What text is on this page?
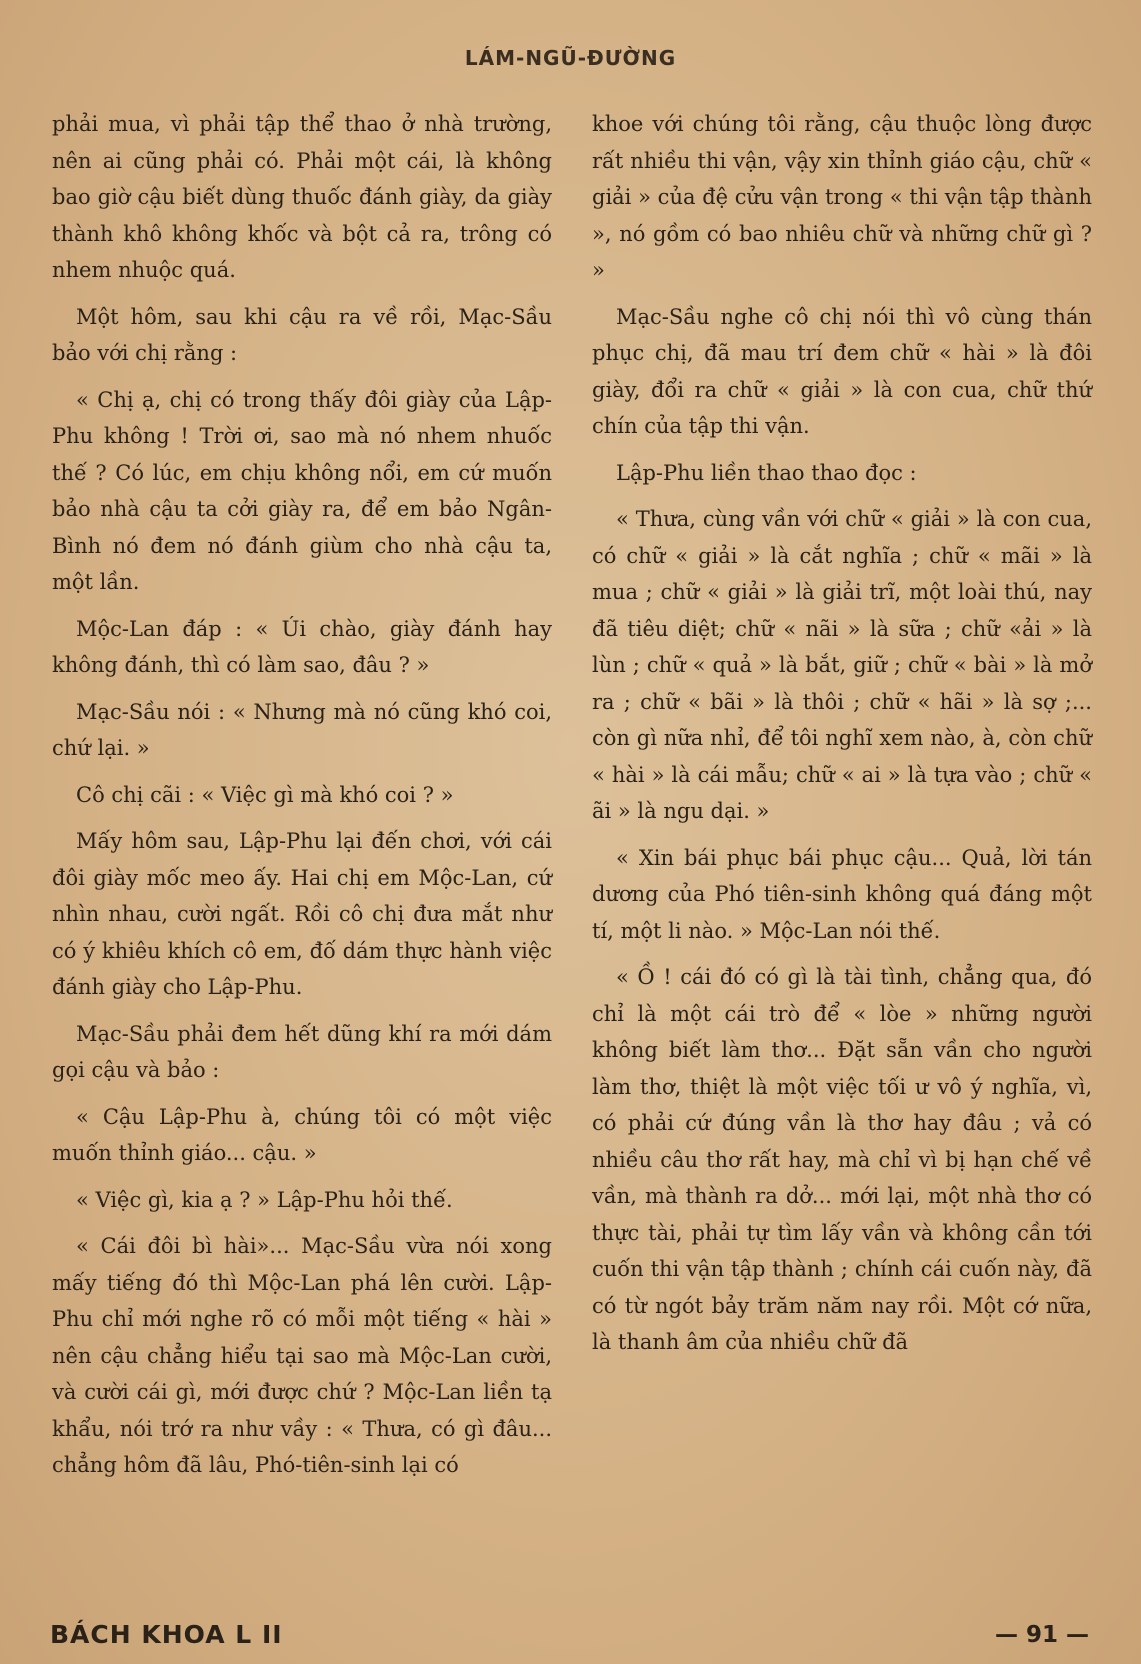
LÁM-NGŨ-ĐƯỜNG

phải mua, vì phải tập thể thao ở nhà trường, nên ai cũng phải có. Phải một cái, là không bao giờ cậu biết dùng thuốc đánh giày, da giày thành khô không khốc và bột cả ra, trông có nhem nhuộc quá.

Một hôm, sau khi cậu ra về rồi, Mạc-Sầu bảo với chị rằng :

« Chị ạ, chị có trong thấy đôi giày của Lập-Phu không ! Trời ơi, sao mà nó nhem nhuốc thế ? Có lúc, em chịu không nổi, em cứ muốn bảo nhà cậu ta cởi giày ra, để em bảo Ngân-Bình nó đem nó đánh giùm cho nhà cậu ta, một lần.

Mộc-Lan đáp : « Úi chào, giày đánh hay không đánh, thì có làm sao, đâu ? »

Mạc-Sầu nói : « Nhưng mà nó cũng khó coi, chứ lại. »

Cô chị cãi : « Việc gì mà khó coi ? »

Mấy hôm sau, Lập-Phu lại đến chơi, với cái đôi giày mốc meo ấy. Hai chị em Mộc-Lan, cứ nhìn nhau, cười ngất. Rồi cô chị đưa mắt như có ý khiêu khích cô em, đố dám thực hành việc đánh giày cho Lập-Phu.

Mạc-Sầu phải đem hết dũng khí ra mới dám gọi cậu và bảo :

« Cậu Lập-Phu à, chúng tôi có một việc muốn thỉnh giáo... cậu. »

« Việc gì, kia ạ ? » Lập-Phu hỏi thế.

« Cái đôi bì hài»... Mạc-Sầu vừa nói xong mấy tiếng đó thì Mộc-Lan phá lên cười. Lập-Phu chỉ mới nghe rõ có mỗi một tiếng « hài » nên cậu chẳng hiểu tại sao mà Mộc-Lan cười, và cười cái gì, mới được chứ ? Mộc-Lan liền tạ khẩu, nói trớ ra như vầy : « Thưa, có gì đâu... chẳng hôm đã lâu, Phó-tiên-sinh lại có

khoe với chúng tôi rằng, cậu thuộc lòng được rất nhiều thi vận, vậy xin thỉnh giáo cậu, chữ « giải » của đệ cửu vận trong « thi vận tập thành », nó gồm có bao nhiêu chữ và những chữ gì ? »

Mạc-Sầu nghe cô chị nói thì vô cùng thán phục chị, đã mau trí đem chữ « hài » là đôi giày, đổi ra chữ « giải » là con cua, chữ thứ chín của tập thi vận.

Lập-Phu liền thao thao đọc :

« Thưa, cùng vần với chữ « giải » là con cua, có chữ « giải » là cắt nghĩa ; chữ « mãi » là mua ; chữ « giải » là giải trĩ, một loài thú, nay đã tiêu diệt; chữ « nãi » là sữa ; chữ «ải » là lùn ; chữ « quả » là bắt, giữ ; chữ « bài » là mở ra ; chữ « bãi » là thôi ; chữ « hãi » là sợ ;... còn gì nữa nhỉ, để tôi nghĩ xem nào, à, còn chữ « hài » là cái mẫu; chữ « ai » là tựa vào ; chữ « ãi » là ngu dại. »

« Xin bái phục bái phục cậu... Quả, lời tán dương của Phó tiên-sinh không quá đáng một tí, một li nào. » Mộc-Lan nói thế.

« Ồ ! cái đó có gì là tài tình, chẳng qua, đó chỉ là một cái trò để « lòe » những người không biết làm thơ... Đặt sẵn vần cho người làm thơ, thiệt là một việc tối ư vô ý nghĩa, vì, có phải cứ đúng vần là thơ hay đâu ; vả có nhiều câu thơ rất hay, mà chỉ vì bị hạn chế về vần, mà thành ra dở... mới lại, một nhà thơ có thực tài, phải tự tìm lấy vần và không cần tới cuốn thi vận tập thành ; chính cái cuốn này, đã có từ ngót bảy trăm năm nay rồi. Một cớ nữa, là thanh âm của nhiều chữ đã

BÁCH KHOA L II	— 91 —
